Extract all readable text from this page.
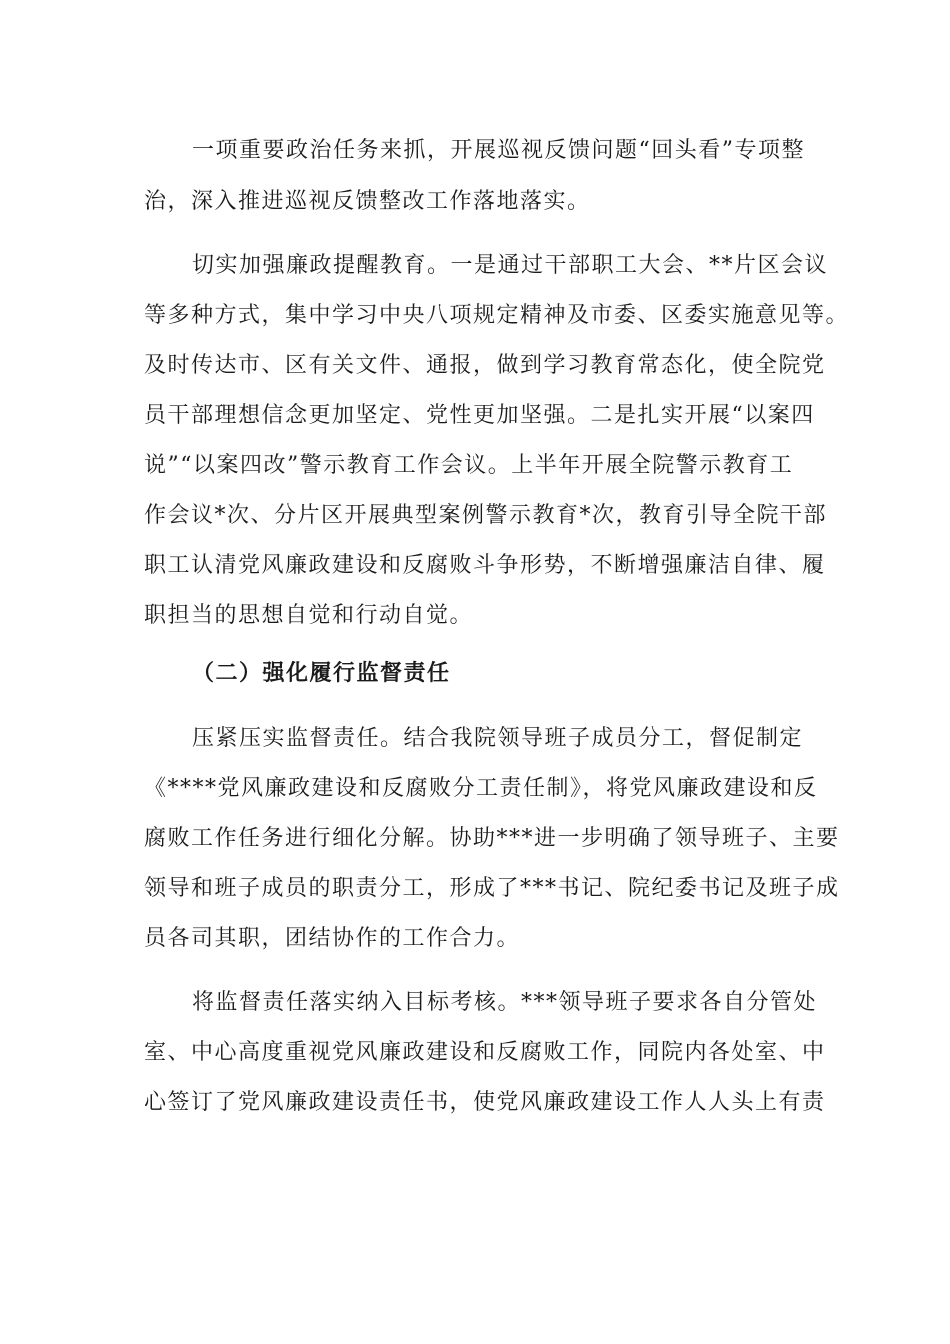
一项重要政治任务来抓，开展巡视反馈问题“回头看”专项整
治，深入推进巡视反馈整改工作落地落实。
切实加强廉政提醒教育。一是通过干部职工大会、**片区会议
等多种方式，集中学习中央八项规定精神及市委、区委实施意见等。
及时传达市、区有关文件、通报，做到学习教育常态化，使全院党
员干部理想信念更加坚定、党性更加坚强。二是扎实开展“以案四
说”“以案四改”警示教育工作会议。上半年开展全院警示教育工
作会议*次、分片区开展典型案例警示教育*次，教育引导全院干部
职工认清党风廉政建设和反腐败斗争形势，不断增强廉洁自律、履
职担当的思想自觉和行动自觉。
（二）强化履行监督责任
压紧压实监督责任。结合我院领导班子成员分工，督促制定
《****党风廉政建设和反腐败分工责任制》，将党风廉政建设和反
腐败工作任务进行细化分解。协助***进一步明确了领导班子、主要
领导和班子成员的职责分工，形成了***书记、院纪委书记及班子成
员各司其职，团结协作的工作合力。
将监督责任落实纳入目标考核。***领导班子要求各自分管处
室、中心高度重视党风廉政建设和反腐败工作，同院内各处室、中
心签订了党风廉政建设责任书，使党风廉政建设工作人人头上有责
